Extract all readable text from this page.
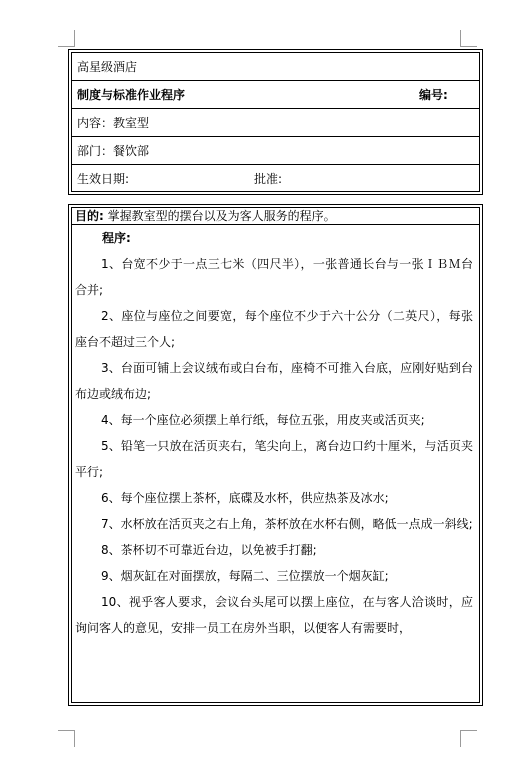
高星级酒店
制度与标准作业程序	编号:
内容：教室型
部门：餐饮部
生效日期:	批准:
目的: 掌握教室型的摆台以及为客人服务的程序。
程序:

1、台宽不少于一点三七米（四尺半），一张普通长台与一张ＩＢＭ台合并;

2、座位与座位之间要宽，每个座位不少于六十公分（二英尺），每张座台不超过三个人;

3、台面可铺上会议绒布或白台布，座椅不可推入台底，应刚好贴到台布边或绒布边;

4、每一个座位必须摆上单行纸，每位五张，用皮夹或活页夹;

5、铅笔一只放在活页夹右，笔尖向上，离台边口约十厘米，与活页夹平行;

6、每个座位摆上茶杯，底碟及水杯，供应热茶及冰水;

7、水杯放在活页夹之右上角，茶杯放在水杯右侧，略低一点成一斜线;

8、茶杯切不可靠近台边，以免被手打翻;

9、烟灰缸在对面摆放，每隔二、三位摆放一个烟灰缸;

10、视乎客人要求，会议台头尾可以摆上座位，在与客人洽谈时，应询问客人的意见，安排一员工在房外当职，以便客人有需要时，
